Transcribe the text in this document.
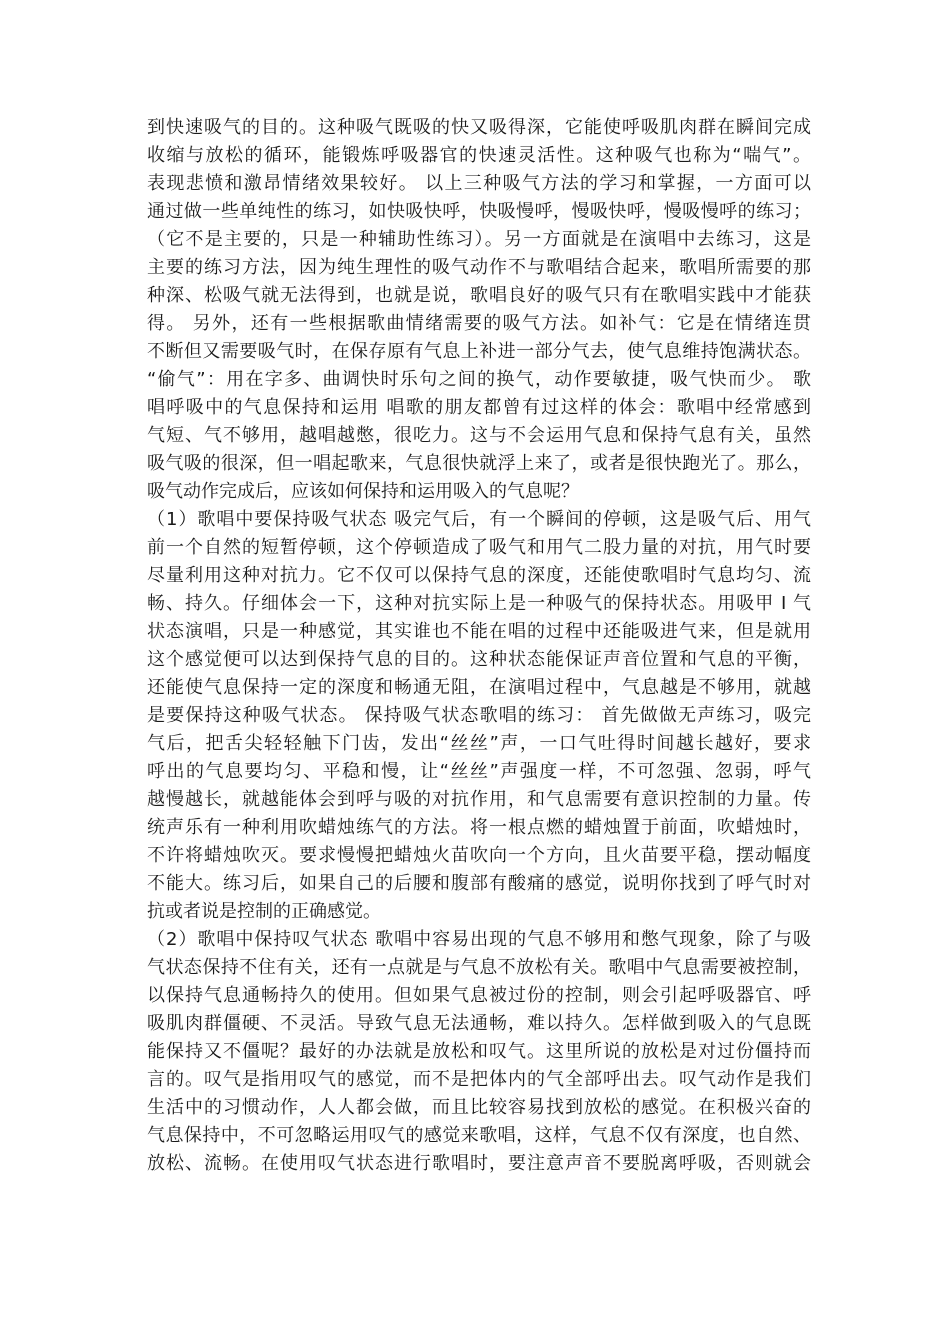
到快速吸气的目的。这种吸气既吸的快又吸得深，它能使呼吸肌肉群在瞬间完成
收缩与放松的循环，能锻炼呼吸器官的快速灵活性。这种吸气也称为“喘气”。
表现悲愤和激昂情绪效果较好。 以上三种吸气方法的学习和掌握，一方面可以
通过做一些单纯性的练习，如快吸快呼，快吸慢呼，慢吸快呼，慢吸慢呼的练习；
（它不是主要的，只是一种辅助性练习）。另一方面就是在演唱中去练习，这是
主要的练习方法，因为纯生理性的吸气动作不与歌唱结合起来，歌唱所需要的那
种深、松吸气就无法得到，也就是说，歌唱良好的吸气只有在歌唱实践中才能获
得。 另外，还有一些根据歌曲情绪需要的吸气方法。如补气：它是在情绪连贯
不断但又需要吸气时，在保存原有气息上补进一部分气去，使气息维持饱满状态。
“偷气”：用在字多、曲调快时乐句之间的换气，动作要敏捷，吸气快而少。 歌
唱呼吸中的气息保持和运用 唱歌的朋友都曾有过这样的体会：歌唱中经常感到
气短、气不够用，越唱越憋，很吃力。这与不会运用气息和保持气息有关，虽然
吸气吸的很深，但一唱起歌来，气息很快就浮上来了，或者是很快跑光了。那么，
吸气动作完成后，应该如何保持和运用吸入的气息呢？
（1）歌唱中要保持吸气状态 吸完气后，有一个瞬间的停顿，这是吸气后、用气
前一个自然的短暂停顿，这个停顿造成了吸气和用气二股力量的对抗，用气时要
尽量利用这种对抗力。它不仅可以保持气息的深度，还能使歌唱时气息均匀、流
畅、持久。仔细体会一下，这种对抗实际上是一种吸气的保持状态。用吸甲 I 气
状态演唱，只是一种感觉，其实谁也不能在唱的过程中还能吸进气来，但是就用
这个感觉便可以达到保持气息的目的。这种状态能保证声音位置和气息的平衡，
还能使气息保持一定的深度和畅通无阻，在演唱过程中，气息越是不够用，就越
是要保持这种吸气状态。 保持吸气状态歌唱的练习： 首先做做无声练习，吸完
气后，把舌尖轻轻触下门齿，发出“丝丝”声，一口气吐得时间越长越好，要求
呼出的气息要均匀、平稳和慢，让“丝丝”声强度一样，不可忽强、忽弱，呼气
越慢越长，就越能体会到呼与吸的对抗作用，和气息需要有意识控制的力量。传
统声乐有一种利用吹蜡烛练气的方法。将一根点燃的蜡烛置于前面，吹蜡烛时，
不许将蜡烛吹灭。要求慢慢把蜡烛火苗吹向一个方向，且火苗要平稳，摆动幅度
不能大。练习后，如果自己的后腰和腹部有酸痛的感觉，说明你找到了呼气时对
抗或者说是控制的正确感觉。
（2）歌唱中保持叹气状态 歌唱中容易出现的气息不够用和憋气现象，除了与吸
气状态保持不住有关，还有一点就是与气息不放松有关。歌唱中气息需要被控制，
以保持气息通畅持久的使用。但如果气息被过份的控制，则会引起呼吸器官、呼
吸肌肉群僵硬、不灵活。导致气息无法通畅，难以持久。怎样做到吸入的气息既
能保持又不僵呢？最好的办法就是放松和叹气。这里所说的放松是对过份僵持而
言的。叹气是指用叹气的感觉，而不是把体内的气全部呼出去。叹气动作是我们
生活中的习惯动作，人人都会做，而且比较容易找到放松的感觉。在积极兴奋的
气息保持中，不可忽略运用叹气的感觉来歌唱，这样，气息不仅有深度，也自然、
放松、流畅。在使用叹气状态进行歌唱时，要注意声音不要脱离呼吸，否则就会
